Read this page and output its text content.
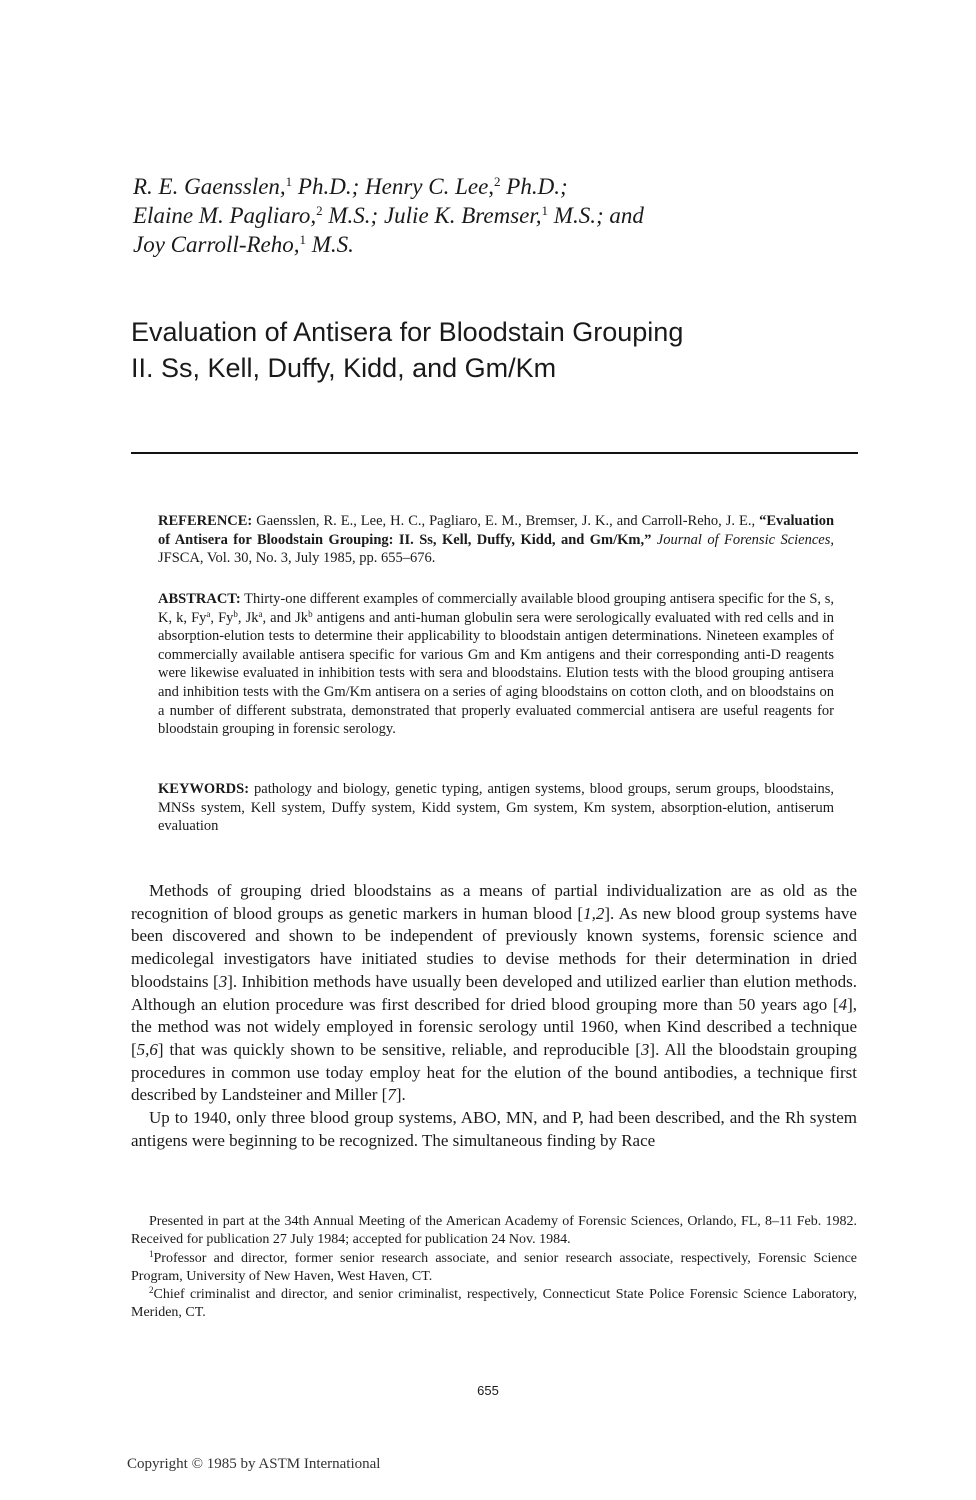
R. E. Gaensslen,$^1$ Ph.D.; Henry C. Lee,$^2$ Ph.D.;
Elaine M. Pagliaro,$^2$ M.S.; Julie K. Bremser,$^1$ M.S.; and
Joy Carroll-Reho,$^1$ M.S.
Evaluation of Antisera for Bloodstain Grouping
II. Ss, Kell, Duffy, Kidd, and Gm/Km
REFERENCE: Gaensslen, R. E., Lee, H. C., Pagliaro, E. M., Bremser, J. K., and Carroll-Reho, J. E., “Evaluation of Antisera for Bloodstain Grouping: II. Ss, Kell, Duffy, Kidd, and Gm/Km,” Journal of Forensic Sciences, JFSCA, Vol. 30, No. 3, July 1985, pp. 655–676.
ABSTRACT: Thirty-one different examples of commercially available blood grouping antisera specific for the S, s, K, k, Fy$^a$, Fy$^b$, Jk$^a$, and Jk$^b$ antigens and anti-human globulin sera were serologically evaluated with red cells and in absorption-elution tests to determine their applicability to bloodstain antigen determinations. Nineteen examples of commercially available antisera specific for various Gm and Km antigens and their corresponding anti-D reagents were likewise evaluated in inhibition tests with sera and bloodstains. Elution tests with the blood grouping antisera and inhibition tests with the Gm/Km antisera on a series of aging bloodstains on cotton cloth, and on bloodstains on a number of different substrata, demonstrated that properly evaluated commercial antisera are useful reagents for bloodstain grouping in forensic serology.
KEYWORDS: pathology and biology, genetic typing, antigen systems, blood groups, serum groups, bloodstains, MNSs system, Kell system, Duffy system, Kidd system, Gm system, Km system, absorption-elution, antiserum evaluation

Methods of grouping dried bloodstains as a means of partial individualization are as old as the recognition of blood groups as genetic markers in human blood [1,2]. As new blood group systems have been discovered and shown to be independent of previously known systems, forensic science and medicolegal investigators have initiated studies to devise methods for their determination in dried bloodstains [3]. Inhibition methods have usually been developed and utilized earlier than elution methods. Although an elution procedure was first described for dried blood grouping more than 50 years ago [4], the method was not widely employed in forensic serology until 1960, when Kind described a technique [5,6] that was quickly shown to be sensitive, reliable, and reproducible [3]. All the bloodstain grouping procedures in common use today employ heat for the elution of the bound antibodies, a technique first described by Landsteiner and Miller [7].

Up to 1940, only three blood group systems, ABO, MN, and P, had been described, and the Rh system antigens were beginning to be recognized. The simultaneous finding by Race

Presented in part at the 34th Annual Meeting of the American Academy of Forensic Sciences, Orlando, FL, 8–11 Feb. 1982. Received for publication 27 July 1984; accepted for publication 24 Nov. 1984.

$^1$Professor and director, former senior research associate, and senior research associate, respectively, Forensic Science Program, University of New Haven, West Haven, CT.

$^2$Chief criminalist and director, and senior criminalist, respectively, Connecticut State Police Forensic Science Laboratory, Meriden, CT.

655
Copyright © 1985 by ASTM International
